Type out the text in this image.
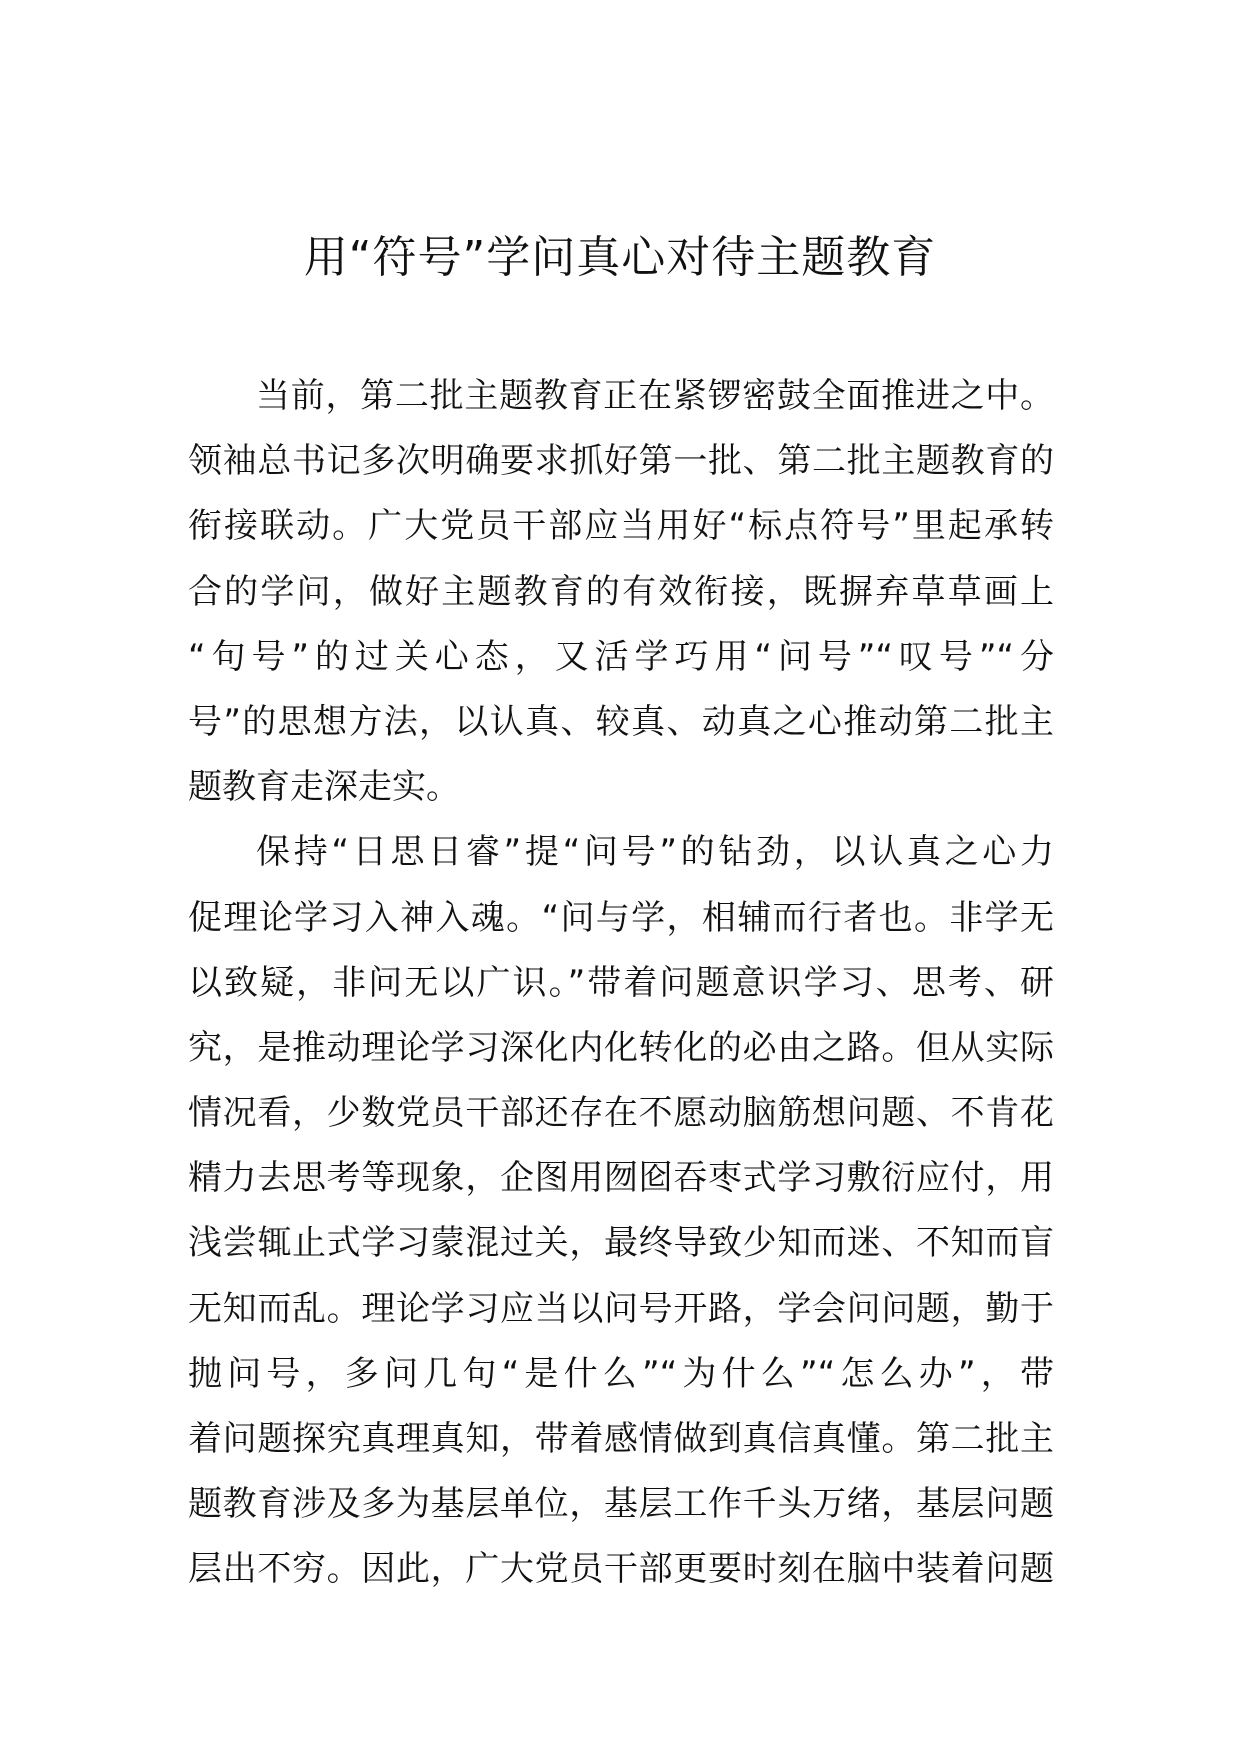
用“符号”学问真心对待主题教育
当前，第二批主题教育正在紧锣密鼓全面推进之中。
领袖总书记多次明确要求抓好第一批、第二批主题教育的
衔接联动。广大党员干部应当用好“标点符号”里起承转
合的学问，做好主题教育的有效衔接，既摒弃草草画上
“句号”的过关心态，又活学巧用“问号”“叹号”“分
号”的思想方法，以认真、较真、动真之心推动第二批主
题教育走深走实。
保持“日思日睿”提“问号”的钻劲，以认真之心力
促理论学习入神入魂。“问与学，相辅而行者也。非学无
以致疑，非问无以广识。”带着问题意识学习、思考、研
究，是推动理论学习深化内化转化的必由之路。但从实际
情况看，少数党员干部还存在不愿动脑筋想问题、不肯花
精力去思考等现象，企图用囫囵吞枣式学习敷衍应付，用
浅尝辄止式学习蒙混过关，最终导致少知而迷、不知而盲
无知而乱。理论学习应当以问号开路，学会问问题，勤于
抛问号，多问几句“是什么”“为什么”“怎么办”，带
着问题探究真理真知，带着感情做到真信真懂。第二批主
题教育涉及多为基层单位，基层工作千头万绪，基层问题
层出不穷。因此，广大党员干部更要时刻在脑中装着问题
